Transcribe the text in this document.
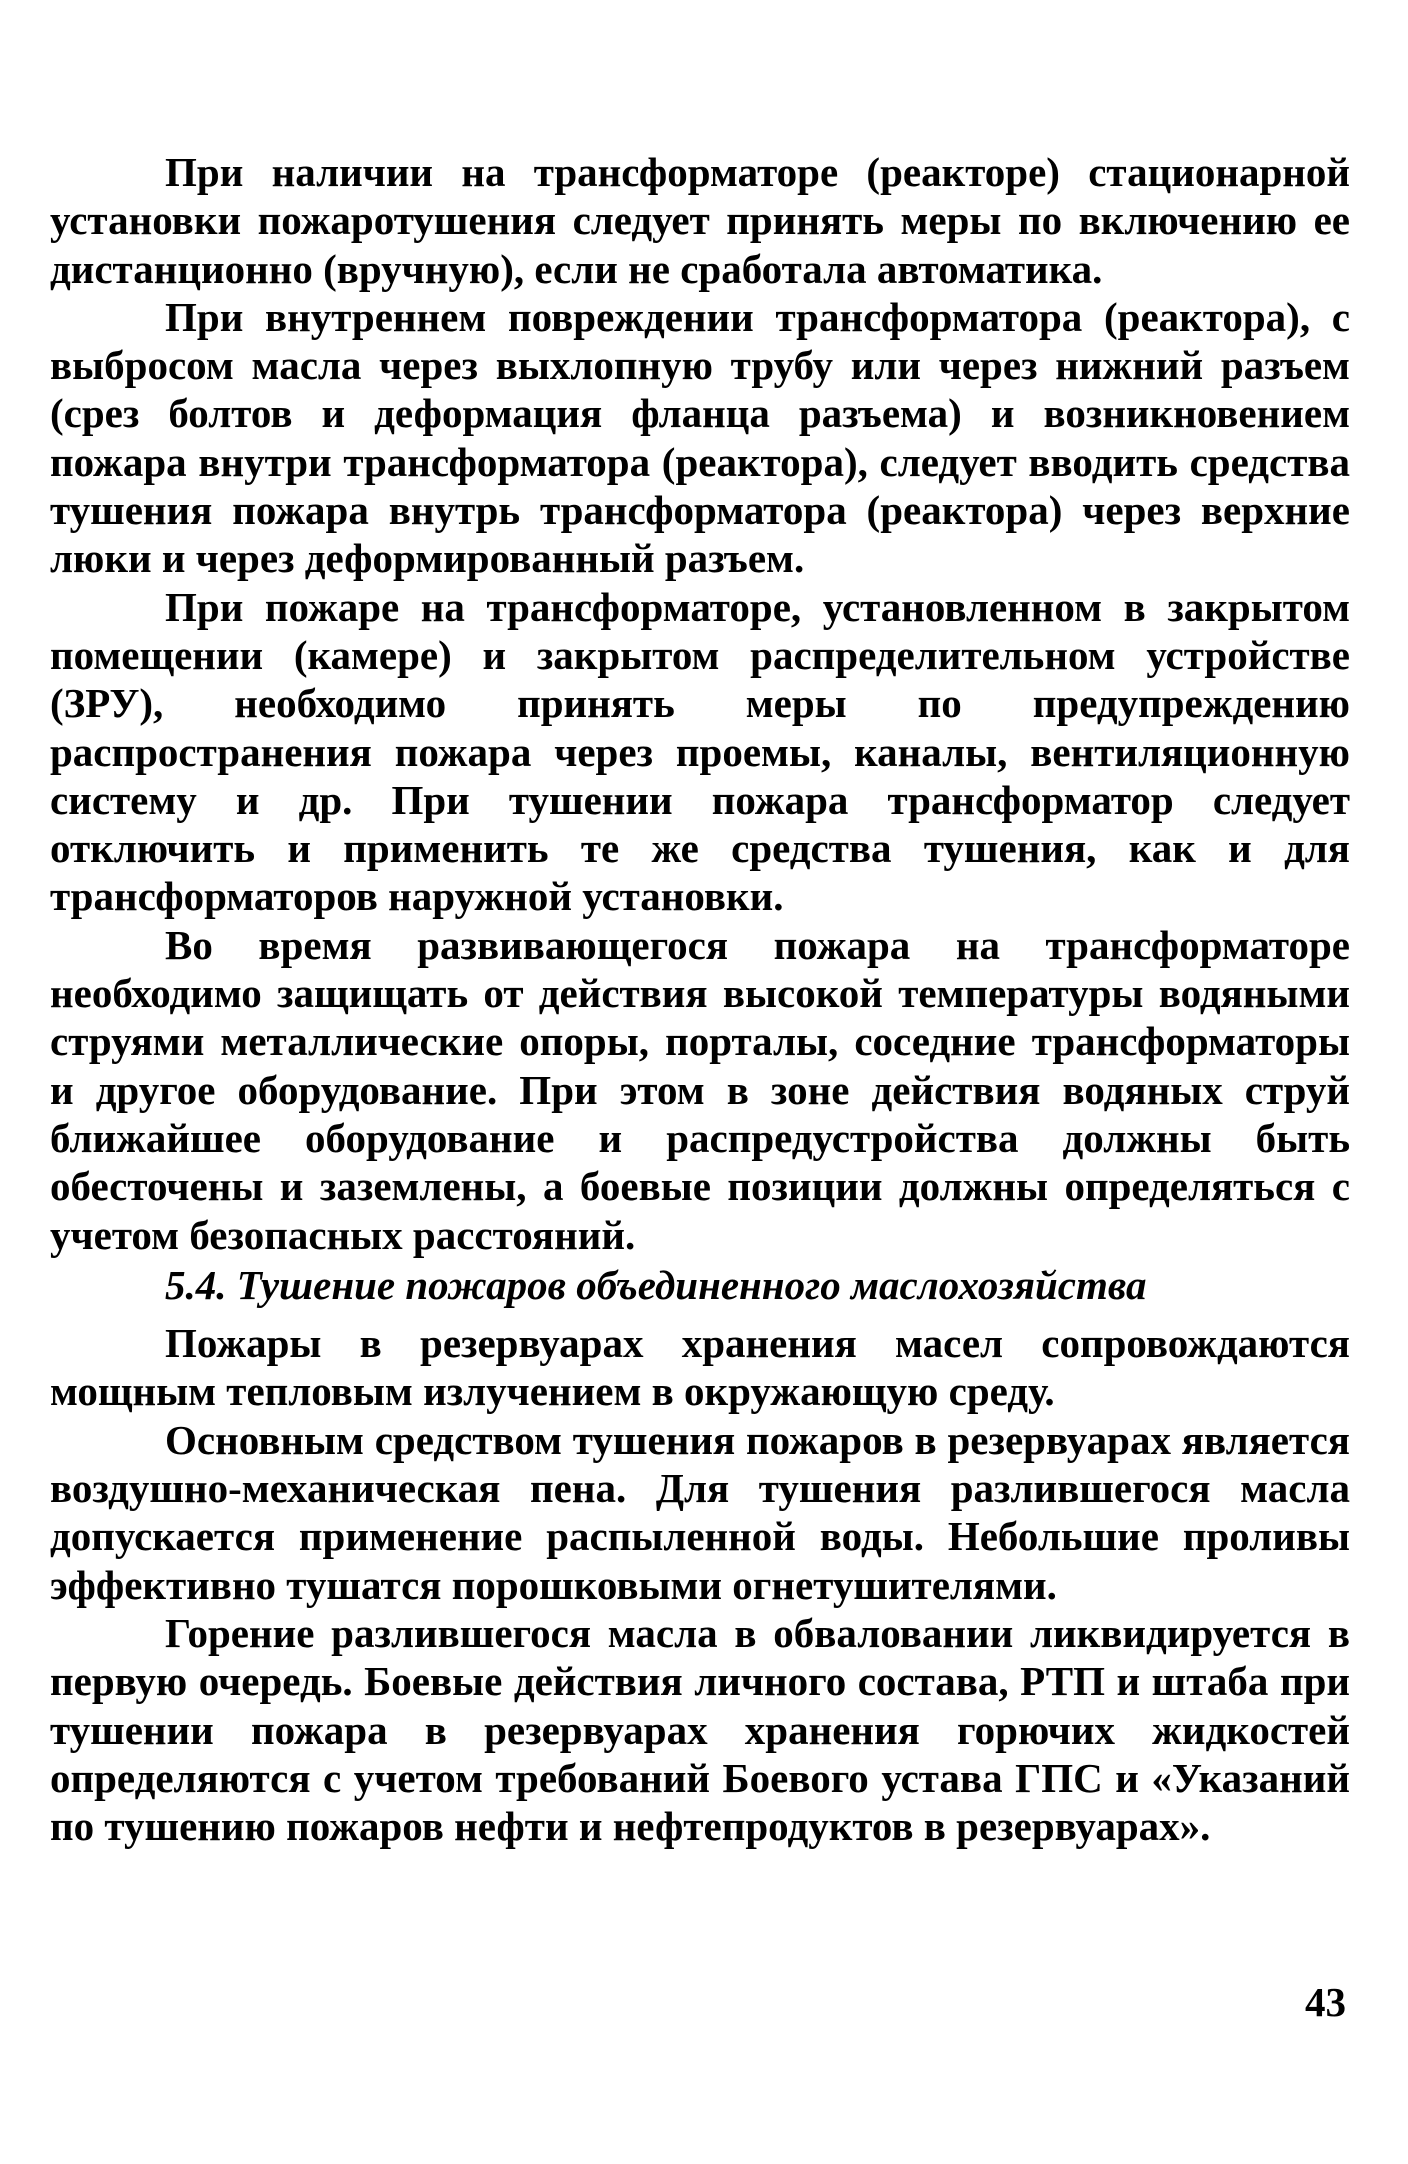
При наличии на трансформаторе (реакторе) стационарной установки пожаротушения следует принять меры по включению ее дистанционно (вручную), если не сработала автоматика.

При внутреннем повреждении трансформатора (реактора), с выбросом масла через выхлопную трубу или через нижний разъем (срез болтов и деформация фланца разъема) и возникновением пожара внутри трансформатора (реактора), следует вводить средства тушения пожара внутрь трансформатора (реактора) через верхние люки и через деформированный разъем.

При пожаре на трансформаторе, установленном в закрытом помещении (камере) и закрытом распределительном устройстве (ЗРУ), необходимо принять меры по предупреждению распространения пожара через проемы, каналы, вентиляционную систему и др. При тушении пожара трансформатор следует отключить и применить те же средства тушения, как и для трансформаторов наружной установки.

Во время развивающегося пожара на трансформаторе необходимо защищать от действия высокой температуры водяными струями металлические опоры, порталы, соседние трансформаторы и другое оборудование. При этом в зоне действия водяных струй ближайшее оборудование и распредустройства должны быть обесточены и заземлены, а боевые позиции должны определяться с учетом безопасных расстояний.

5.4. Тушение пожаров объединенного маслохозяйства

Пожары в резервуарах хранения масел сопровождаются мощным тепловым излучением в окружающую среду.

Основным средством тушения пожаров в резервуарах является воздушно-механическая пена. Для тушения разлившегося масла допускается применение распыленной воды. Небольшие проливы эффективно тушатся порошковыми огнетушителями.

Горение разлившегося масла в обваловании ликвидируется в первую очередь. Боевые действия личного состава, РТП и штаба при тушении пожара в резервуарах хранения горючих жидкостей определяются с учетом требований Боевого устава ГПС и «Указаний по тушению пожаров нефти и нефтепродуктов в резервуарах».

43
